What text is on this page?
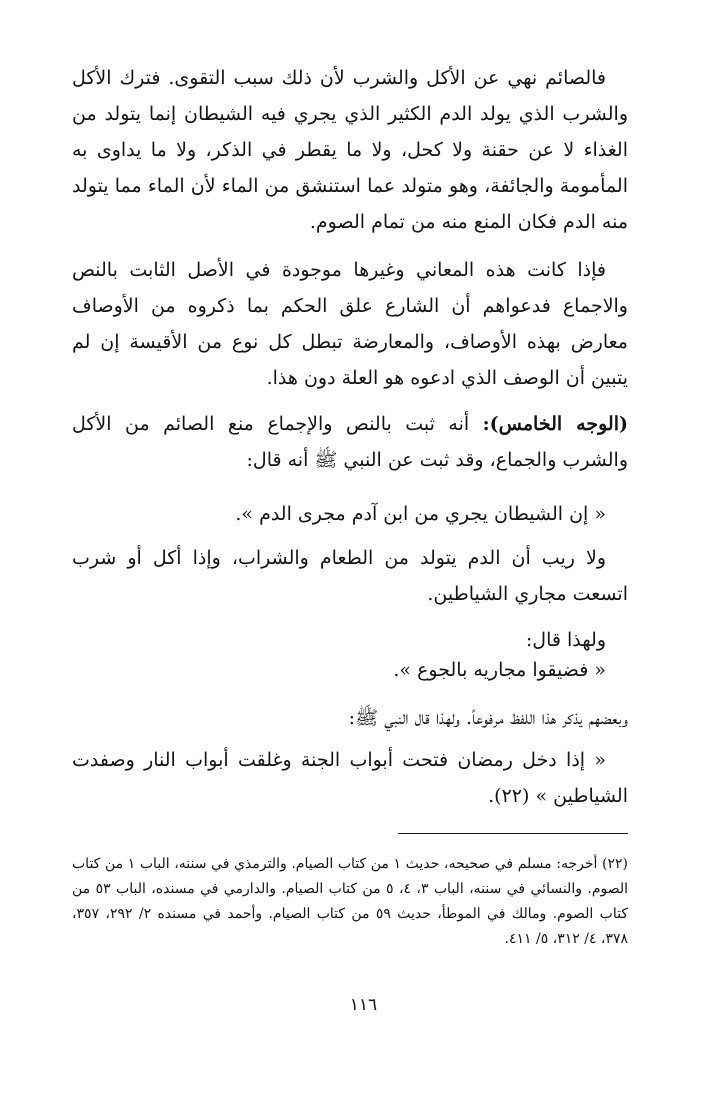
فالصائم نهي عن الأكل والشرب لأن ذلك سبب التقوى. فترك الأكل والشرب الذي يولد الدم الكثير الذي يجري فيه الشيطان إنما يتولد من الغذاء لا عن حقنة ولا كحل، ولا ما يقطر في الذكر، ولا ما يداوى به المأمومة والجائفة، وهو متولد عما استنشق من الماء لأن الماء مما يتولد منه الدم فكان المنع منه من تمام الصوم.

فإذا كانت هذه المعاني وغيرها موجودة في الأصل الثابت بالنص والاجماع فدعواهم أن الشارع علق الحكم بما ذكروه من الأوصاف معارض بهذه الأوصاف، والمعارضة تبطل كل نوع من الأقيسة إن لم يتبين أن الوصف الذي ادعوه هو العلة دون هذا.

(الوجه الخامس): أنه ثبت بالنص والإجماع منع الصائم من الأكل والشرب والجماع، وقد ثبت عن النبي ﷺ أنه قال:

« إن الشيطان يجري من ابن آدم مجرى الدم ».

ولا ريب أن الدم يتولد من الطعام والشراب، وإذا أكل أو شرب اتسعت مجاري الشياطين.

ولهذا قال:

« فضيقوا مجاريه بالجوع ».

وبعضهم يذكر هذا اللفظ مرفوعاً. ولهذا قال النبي ﷺ:

« إذا دخل رمضان فتحت أبواب الجنة وغلقت أبواب النار وصفدت الشياطين » (٢٢).

(٢٢) أخرجه: مسلم في صحيحه، حديث ١ من كتاب الصيام. والترمذي في سننه، الباب ١ من كتاب الصوم. والنسائي في سننه، الباب ٣، ٤، ٥ من كتاب الصيام. والدارمي في مسنده، الباب ٥٣ من كتاب الصوم. ومالك في الموطأ، حديث ٥٩ من كتاب الصيام. وأحمد في مسنده ٢/ ٢٩٢، ٣٥٧، ٣٧٨، ٤/ ٣١٢، ٥/ ٤١١.

١١٦
